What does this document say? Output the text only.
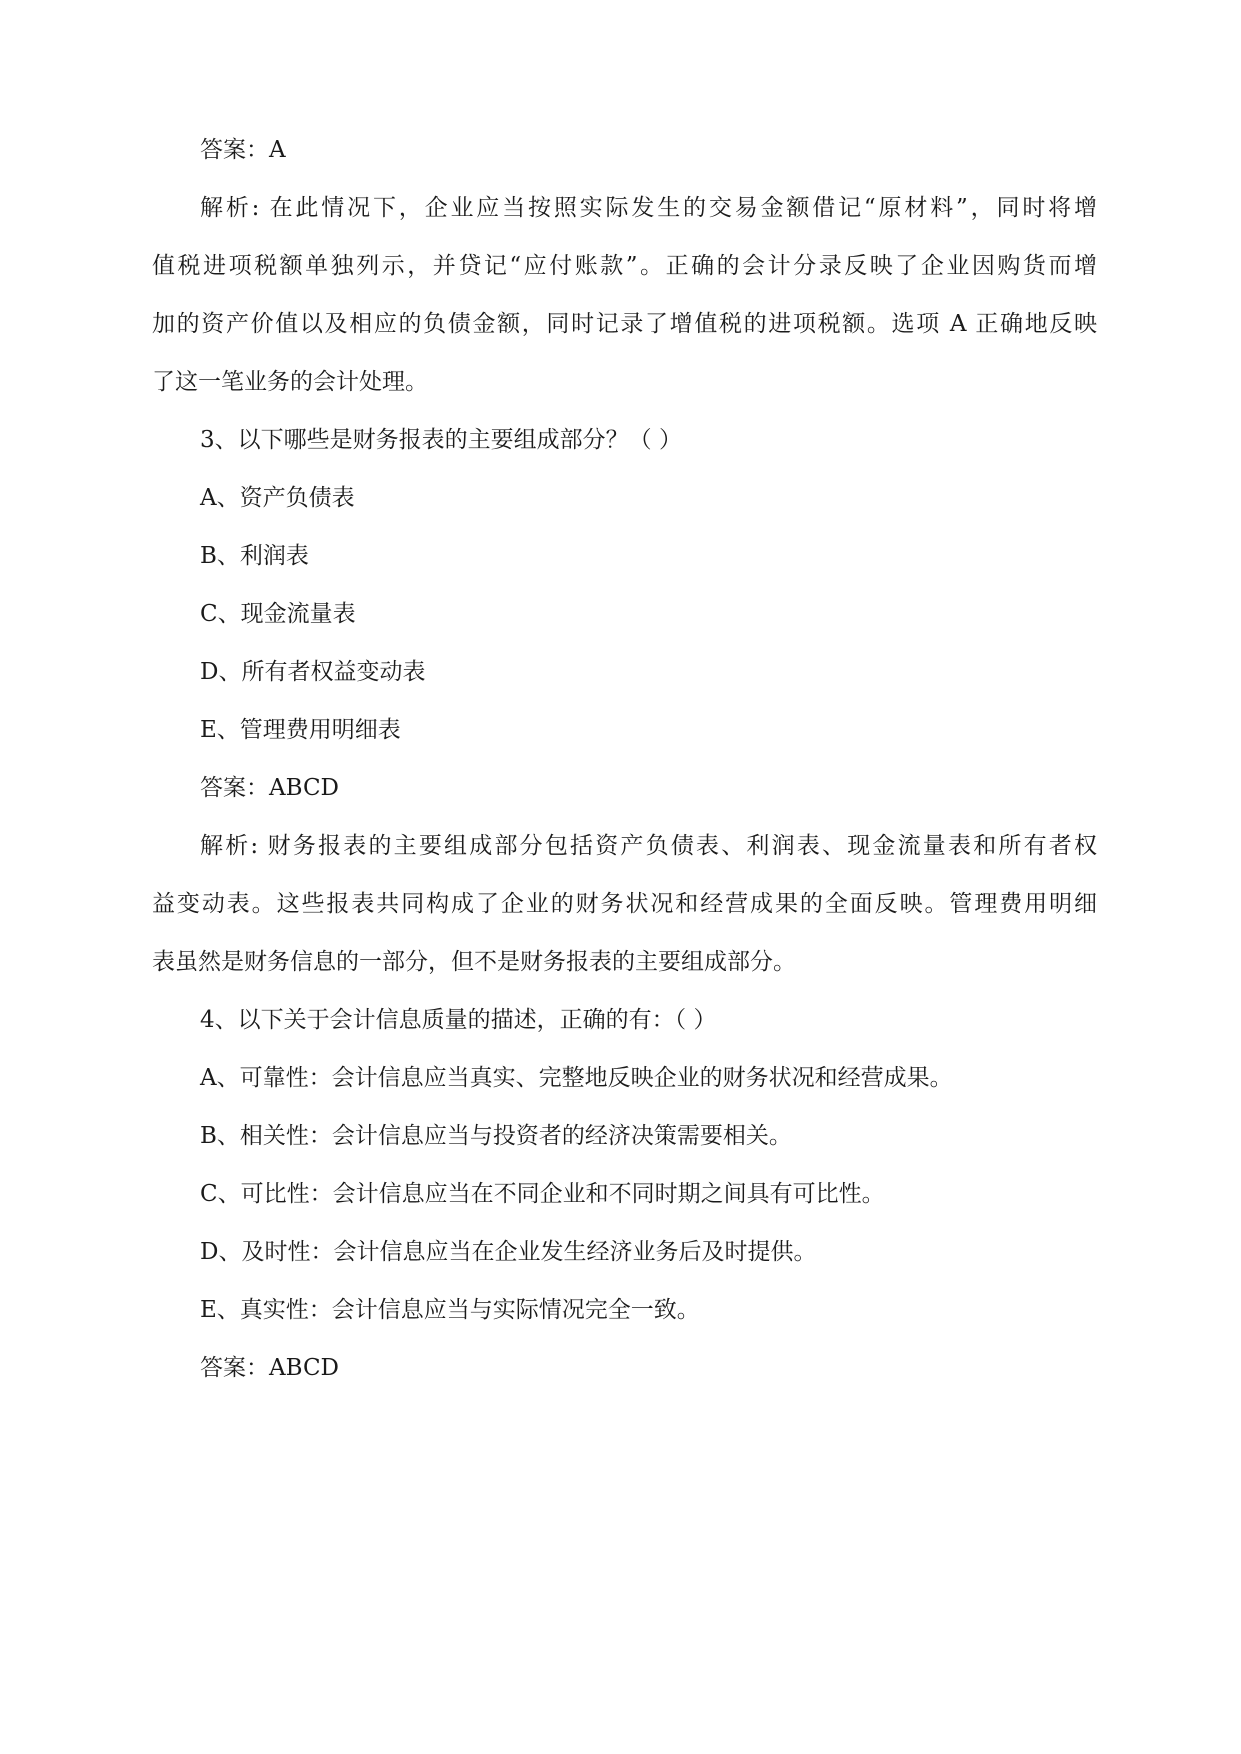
答案：A

解析: 在此情况下，企业应当按照实际发生的交易金额借记“原材料”，同时将增

值税进项税额单独列示，并贷记“应付账款”。正确的会计分录反映了企业因购货而增

加的资产价值以及相应的负债金额，同时记录了增值税的进项税额。选项 A 正确地反映

了这一笔业务的会计处理。

3、以下哪些是财务报表的主要组成部分？（ ）

A、资产负债表

B、利润表

C、现金流量表

D、所有者权益变动表

E、管理费用明细表

答案：ABCD

解析: 财务报表的主要组成部分包括资产负债表、利润表、现金流量表和所有者权

益变动表。这些报表共同构成了企业的财务状况和经营成果的全面反映。管理费用明细

表虽然是财务信息的一部分，但不是财务报表的主要组成部分。

4、以下关于会计信息质量的描述，正确的有：（ ）

A、可靠性：会计信息应当真实、完整地反映企业的财务状况和经营成果。

B、相关性：会计信息应当与投资者的经济决策需要相关。

C、可比性：会计信息应当在不同企业和不同时期之间具有可比性。

D、及时性：会计信息应当在企业发生经济业务后及时提供。

E、真实性：会计信息应当与实际情况完全一致。

答案：ABCD
